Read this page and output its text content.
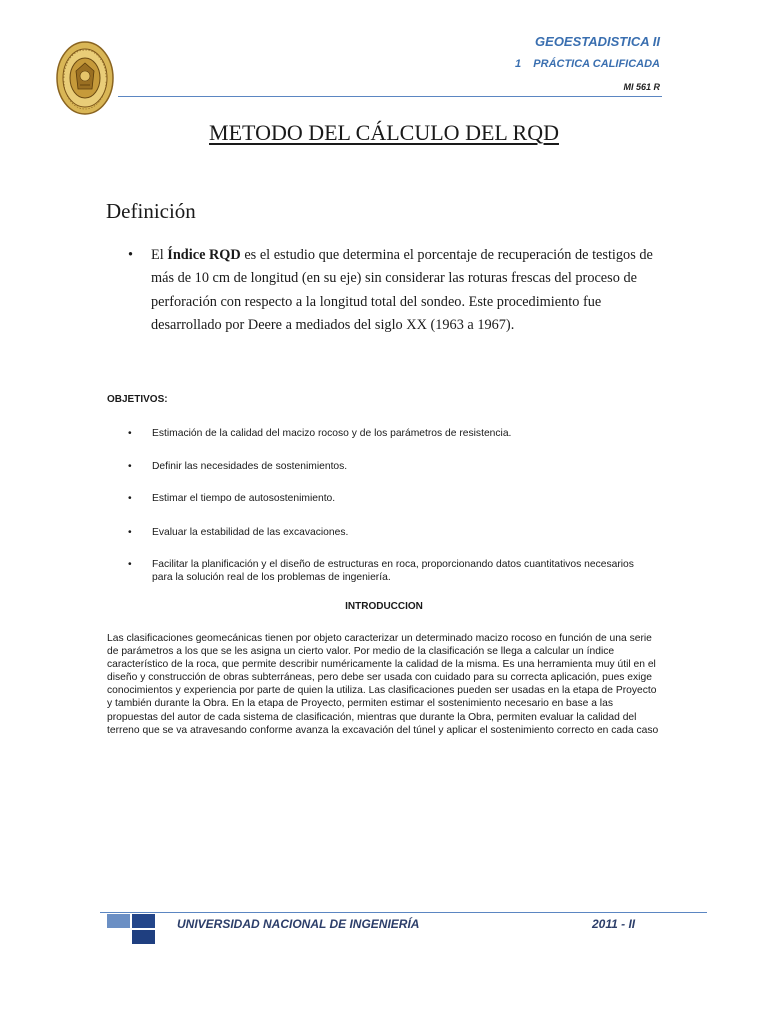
GEOESTADISTICA II
1    PRÁCTICA CALIFICADA
MI 561 R
METODO DEL CÁLCULO DEL RQD
Definición
• El Índice RQD es el estudio que determina el porcentaje de recuperación de testigos de más de 10 cm de longitud (en su eje) sin considerar las roturas frescas del proceso de perforación con respecto a la longitud total del sondeo. Este procedimiento fue desarrollado por Deere a mediados del siglo XX (1963 a 1967).
OBJETIVOS:
• Estimación de la calidad del macizo rocoso y de los parámetros de resistencia.
• Definir las necesidades de sostenimientos.
• Estimar el tiempo de autosostenimiento.
• Evaluar la estabilidad de las excavaciones.
• Facilitar la planificación y el diseño de estructuras en roca, proporcionando datos cuantitativos necesarios para la solución real de los problemas de ingeniería.
INTRODUCCION

Las clasificaciones geomecánicas tienen por objeto caracterizar un determinado macizo rocoso en función de una serie de parámetros a los que se les asigna un cierto valor. Por medio de la clasificación se llega a calcular un índice característico de la roca, que permite describir numéricamente la calidad de la misma. Es una herramienta muy útil en el diseño y construcción de obras subterráneas, pero debe ser usada con cuidado para su correcta aplicación, pues exige conocimientos y experiencia por parte de quien la utiliza. Las clasificaciones pueden ser usadas en la etapa de Proyecto y también durante la Obra. En la etapa de Proyecto, permiten estimar el sostenimiento necesario en base a las propuestas del autor de cada sistema de clasificación, mientras que durante la Obra, permiten evaluar la calidad del terreno que se va atravesando conforme avanza la excavación del túnel y aplicar el sostenimiento correcto en cada caso

UNIVERSIDAD NACIONAL DE INGENIERÍA	2011 - II
